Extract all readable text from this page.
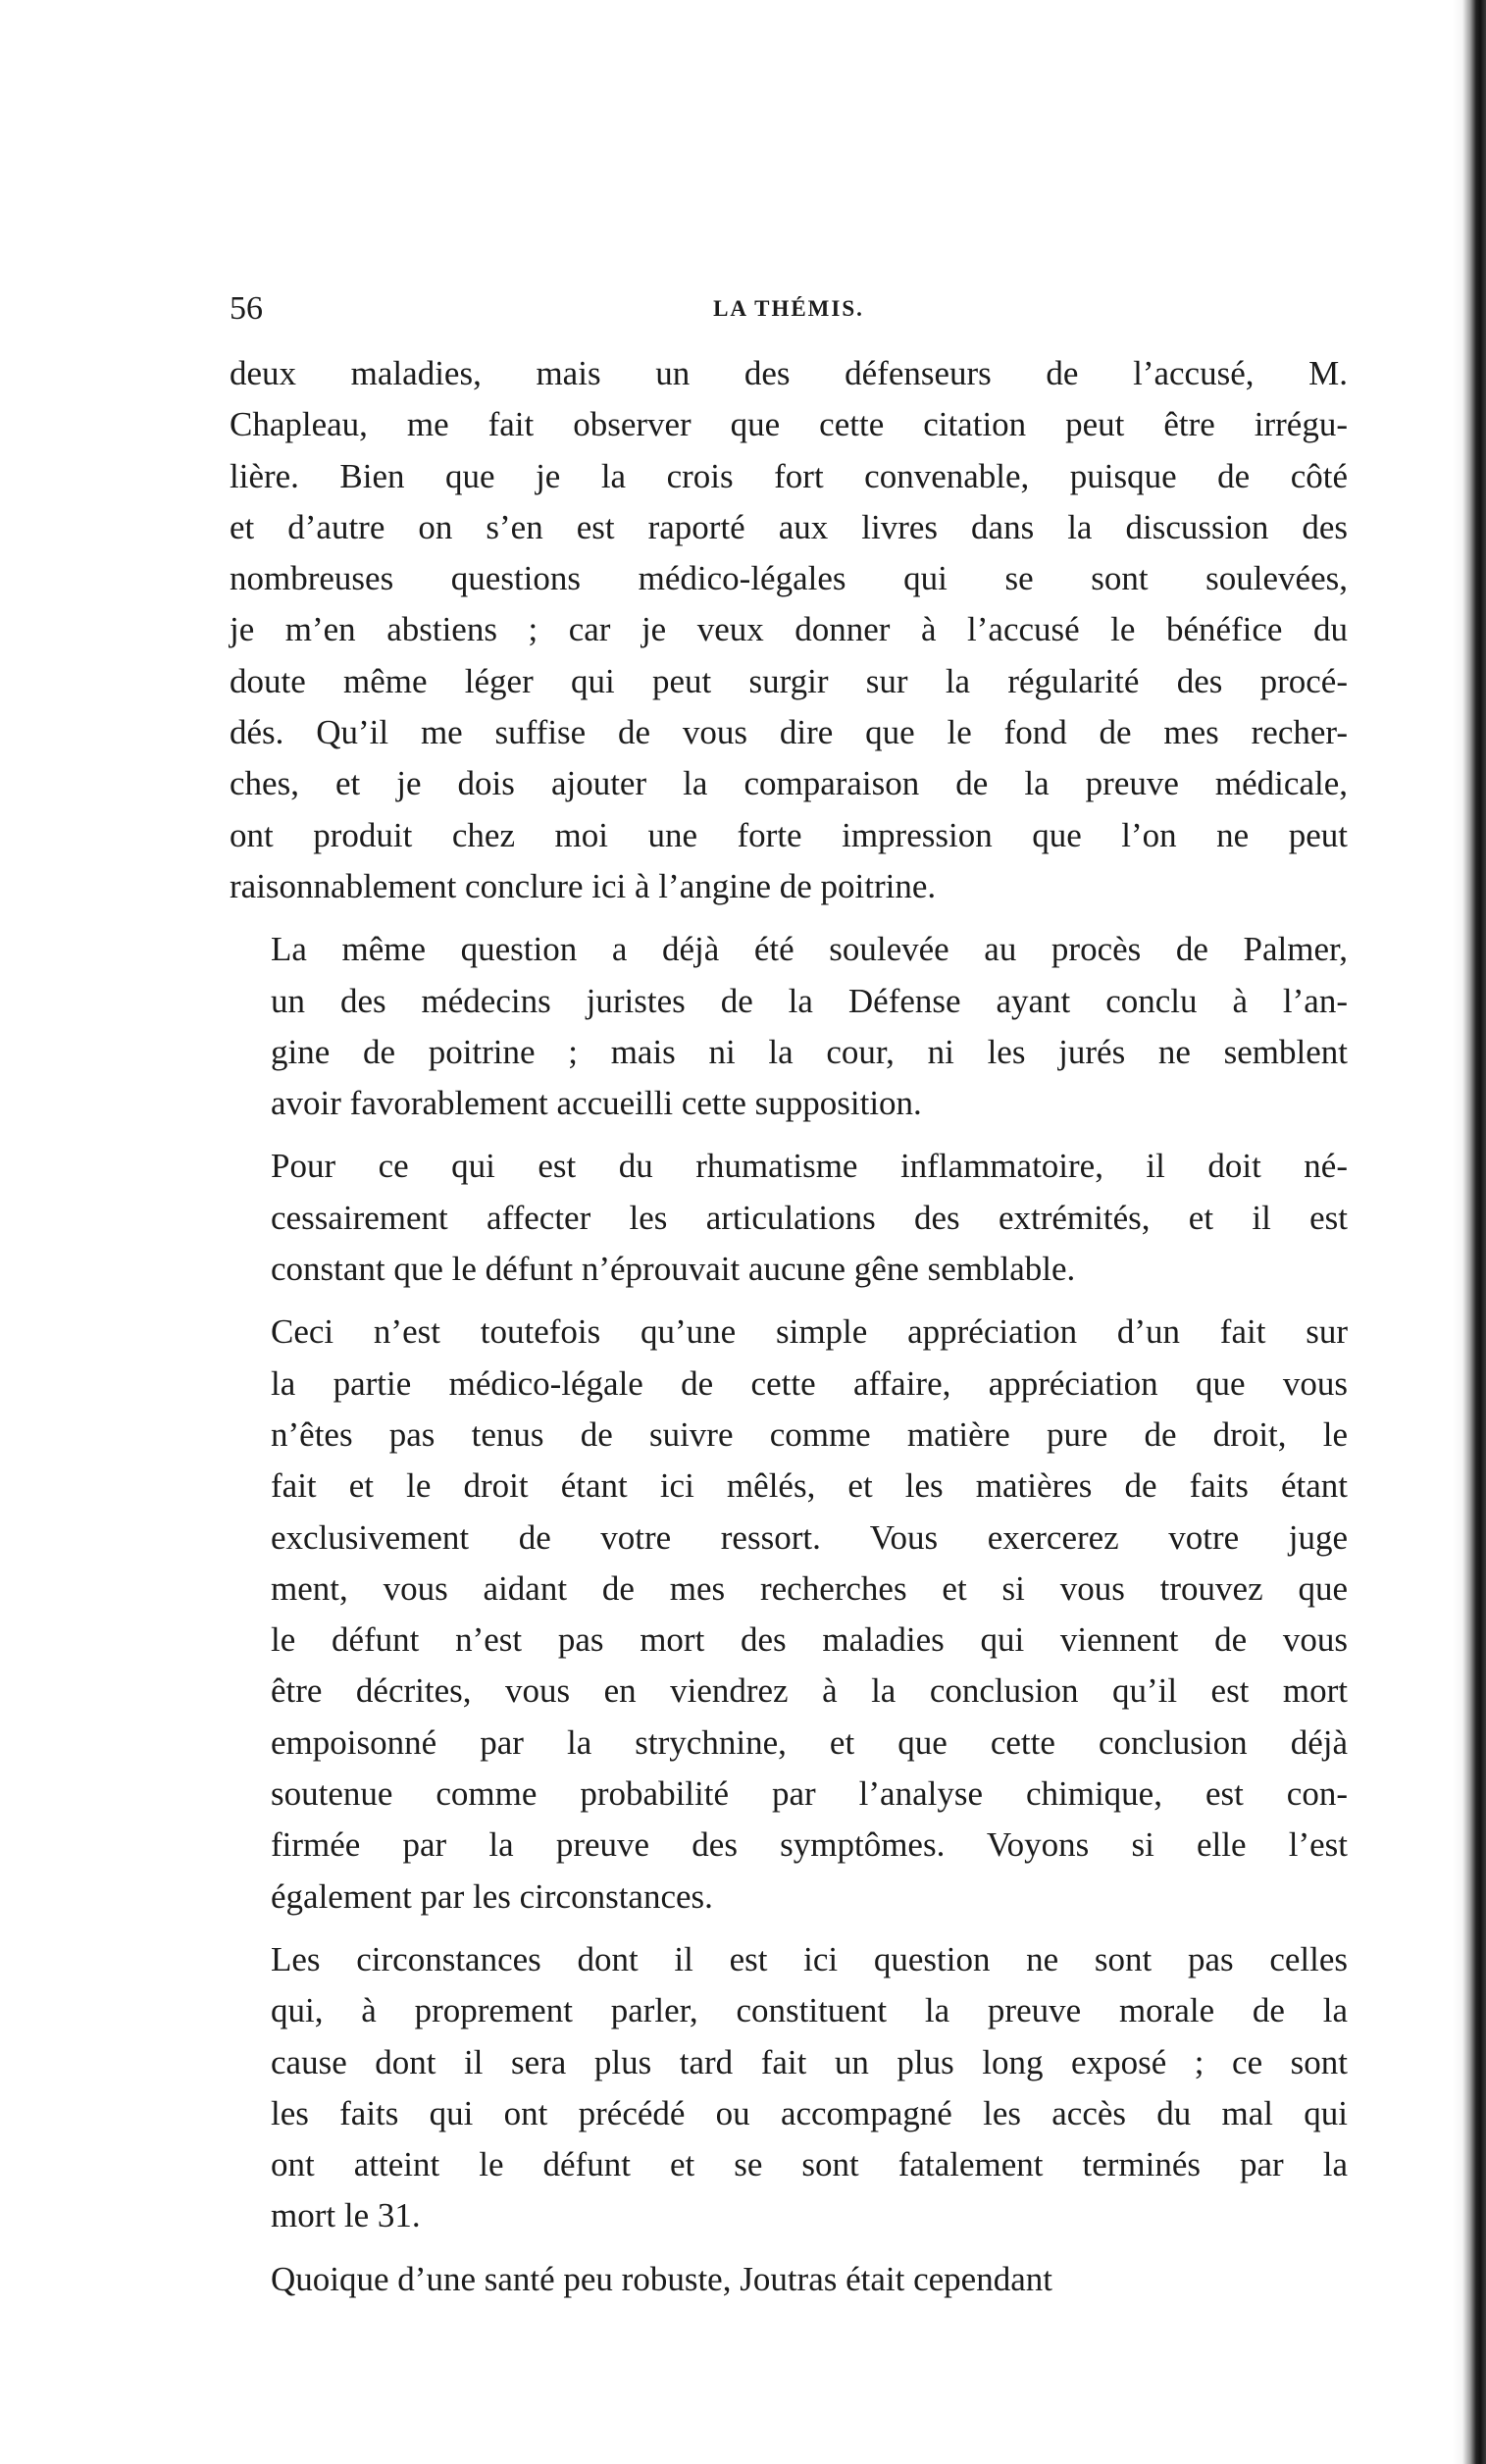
56	LA THÉMIS.
deux maladies, mais un des défenseurs de l’accusé, M.
Chapleau, me fait observer que cette citation peut être irrégu-
lière. Bien que je la crois fort convenable, puisque de côté
et d’autre on s’en est raporté aux livres dans la discussion des
nombreuses questions médico-légales qui se sont soulevées,
je m’en abstiens ; car je veux donner à l’accusé le bénéfice du
doute même léger qui peut surgir sur la régularité des procé-
dés. Qu’il me suffise de vous dire que le fond de mes recher-
ches, et je dois ajouter la comparaison de la preuve médicale,
ont produit chez moi une forte impression que l’on ne peut
raisonnablement conclure ici à l’angine de poitrine.
La même question a déjà été soulevée au procès de Palmer,
un des médecins juristes de la Défense ayant conclu à l’an-
gine de poitrine ; mais ni la cour, ni les jurés ne semblent
avoir favorablement accueilli cette supposition.
Pour ce qui est du rhumatisme inflammatoire, il doit né-
cessairement affecter les articulations des extrémités, et il est
constant que le défunt n’éprouvait aucune gêne semblable.
Ceci n’est toutefois qu’une simple appréciation d’un fait sur
la partie médico-légale de cette affaire, appréciation que vous
n’êtes pas tenus de suivre comme matière pure de droit, le
fait et le droit étant ici mêlés, et les matières de faits étant
exclusivement de votre ressort. Vous exercerez votre juge
ment, vous aidant de mes recherches et si vous trouvez que
le défunt n’est pas mort des maladies qui viennent de vous
être décrites, vous en viendrez à la conclusion qu’il est mort
empoisonné par la strychnine, et que cette conclusion déjà
soutenue comme probabilité par l’analyse chimique, est con-
firmée par la preuve des symptômes. Voyons si elle l’est
également par les circonstances.
Les circonstances dont il est ici question ne sont pas celles
qui, à proprement parler, constituent la preuve morale de la
cause dont il sera plus tard fait un plus long exposé ; ce sont
les faits qui ont précédé ou accompagné les accès du mal qui
ont atteint le défunt et se sont fatalement terminés par la
mort le 31.
Quoique d’une santé peu robuste, Joutras était cependant
